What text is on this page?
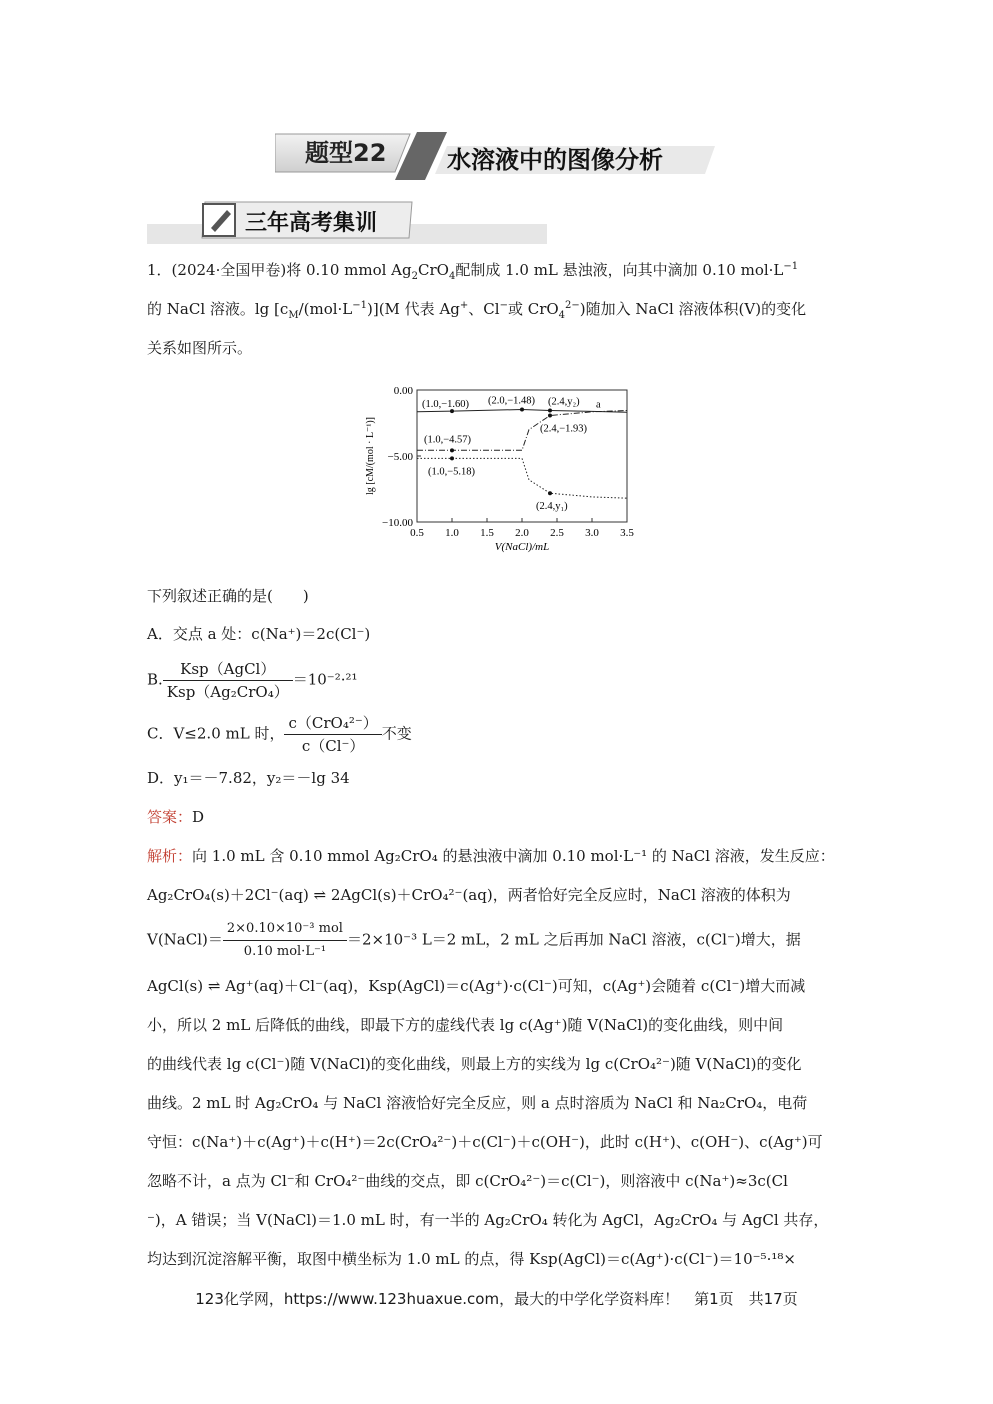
题型22	水溶液中的图像分析
三年高考集训
1．(2024·全国甲卷)将 0.10 mmol $Ag_2CrO_4$配制成 1.0 mL 悬浊液，向其中滴加 0.10 $mol\cdot L^{-1}$
的 NaCl 溶液。$\lg [c_M/(mol\cdot L^{-1})](M$ 代表 Ag+、Cl−或 CrO$_4^{2-}$)随加入 NaCl 溶液体积(V)的变化
关系如图所示。
0.5 1.0 1.5 2.0 2.5 3.0 3.5
0.00
−5.00
−10.00
V(NaCl)/mL
lg [cM/(mol · L⁻¹)]
(1.0,−1.60) (2.0,−1.48) (2.4,y₂) a
(2.4,−1.93)
(1.0,−4.57)
(1.0,−5.18)
(2.4,y₁)
下列叙述正确的是(　　)
A．交点 a 处：c(Na⁺)＝2c(Cl⁻)
B. $\frac{\text{Ksp（AgCl）}}{\text{Ksp（Ag₂CrO₄）}} =10^{-2}\cdot^{21}$
C．V≤2.0 mL 时， $\frac{\text{c（CrO₄²⁻）}}{c(Cl^-)}$ 不变
D．y₁＝－7.82，y₂＝－lg 34
答案：D
解析：向 1.0 mL 含 0.10 mmol Ag₂CrO₄ 的悬浊液中滴加 0.10 mol·L⁻¹ 的 NaCl 溶液，发生反应：
Ag₂CrO₄(s)＋2Cl⁻(aq) ⇌ 2AgCl(s)＋CrO₄²⁻(aq)，两者恰好完全反应时，NaCl 溶液的体积为
V(NaCl)＝ $\frac{\text{2×0.10×10⁻³ mol}}{\text{0.10 mol·L⁻¹}} =2\times 10^{-3}$ L＝2 mL，2 mL 之后再加 NaCl 溶液，c(Cl⁻)增大，据
AgCl(s) ⇌ Ag⁺(aq)＋Cl⁻(aq)，Ksp(AgCl)＝c(Ag⁺)·c(Cl⁻)可知，c(Ag⁺)会随着 c(Cl⁻)增大而减
小，所以 2 mL 后降低的曲线，即最下方的虚线代表 lg c(Ag⁺)随 V(NaCl)的变化曲线，则中间
的曲线代表 lg c(Cl⁻)随 V(NaCl)的变化曲线，则最上方的实线为 lg c(CrO₄²⁻)随 V(NaCl)的变化
曲线。2 mL 时 Ag₂CrO₄ 与 NaCl 溶液恰好完全反应，则 a 点时溶质为 NaCl 和 Na₂CrO₄，电荷
守恒：c(Na⁺)＋c(Ag⁺)＋c(H⁺)＝2c(CrO₄²⁻)＋c(Cl⁻)＋c(OH⁻)，此时 c(H⁺)、c(OH⁻)、c(Ag⁺)可
忽略不计，a 点为 Cl⁻和 CrO₄²⁻曲线的交点，即 c(CrO₄²⁻)＝c(Cl⁻)，则溶液中 c(Na⁺)≈3c(Cl
⁻)，A 错误；当 V(NaCl)＝1.0 mL 时，有一半的 Ag₂CrO₄ 转化为 AgCl，Ag₂CrO₄ 与 AgCl 共存，
均达到沉淀溶解平衡，取图中横坐标为 1.0 mL 的点，得 Ksp(AgCl)＝c(Ag⁺)·c(Cl⁻)＝10⁻⁵·¹⁸×
123化学网，https://www.123huaxue.com，最大的中学化学资料库！　第1页　共17页
